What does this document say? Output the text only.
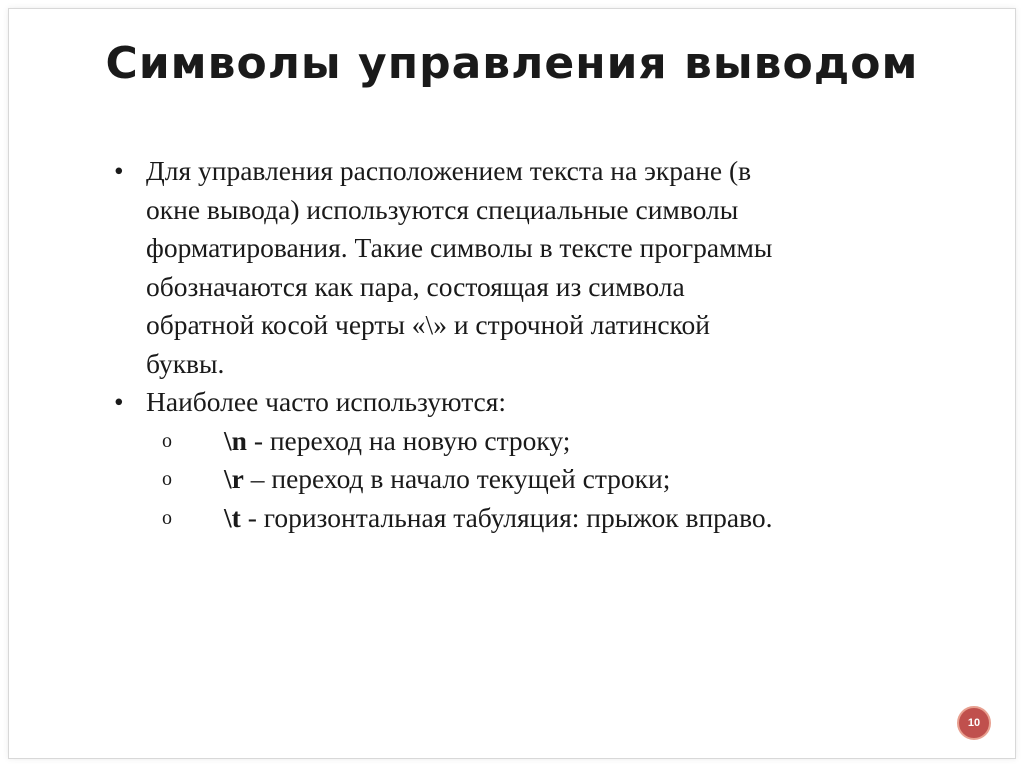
Символы управления выводом
• Для управления расположением текста на экране (в
окне вывода) используются специальные символы
форматирования. Такие символы в тексте программы
обозначаются как пара, состоящая из символа
обратной косой черты «\» и строчной латинской
буквы.
• Наиболее часто используются:
o \n - переход на новую строку;
o \r – переход в начало текущей строки;
o \t - горизонтальная табуляция: прыжок вправо.
10
